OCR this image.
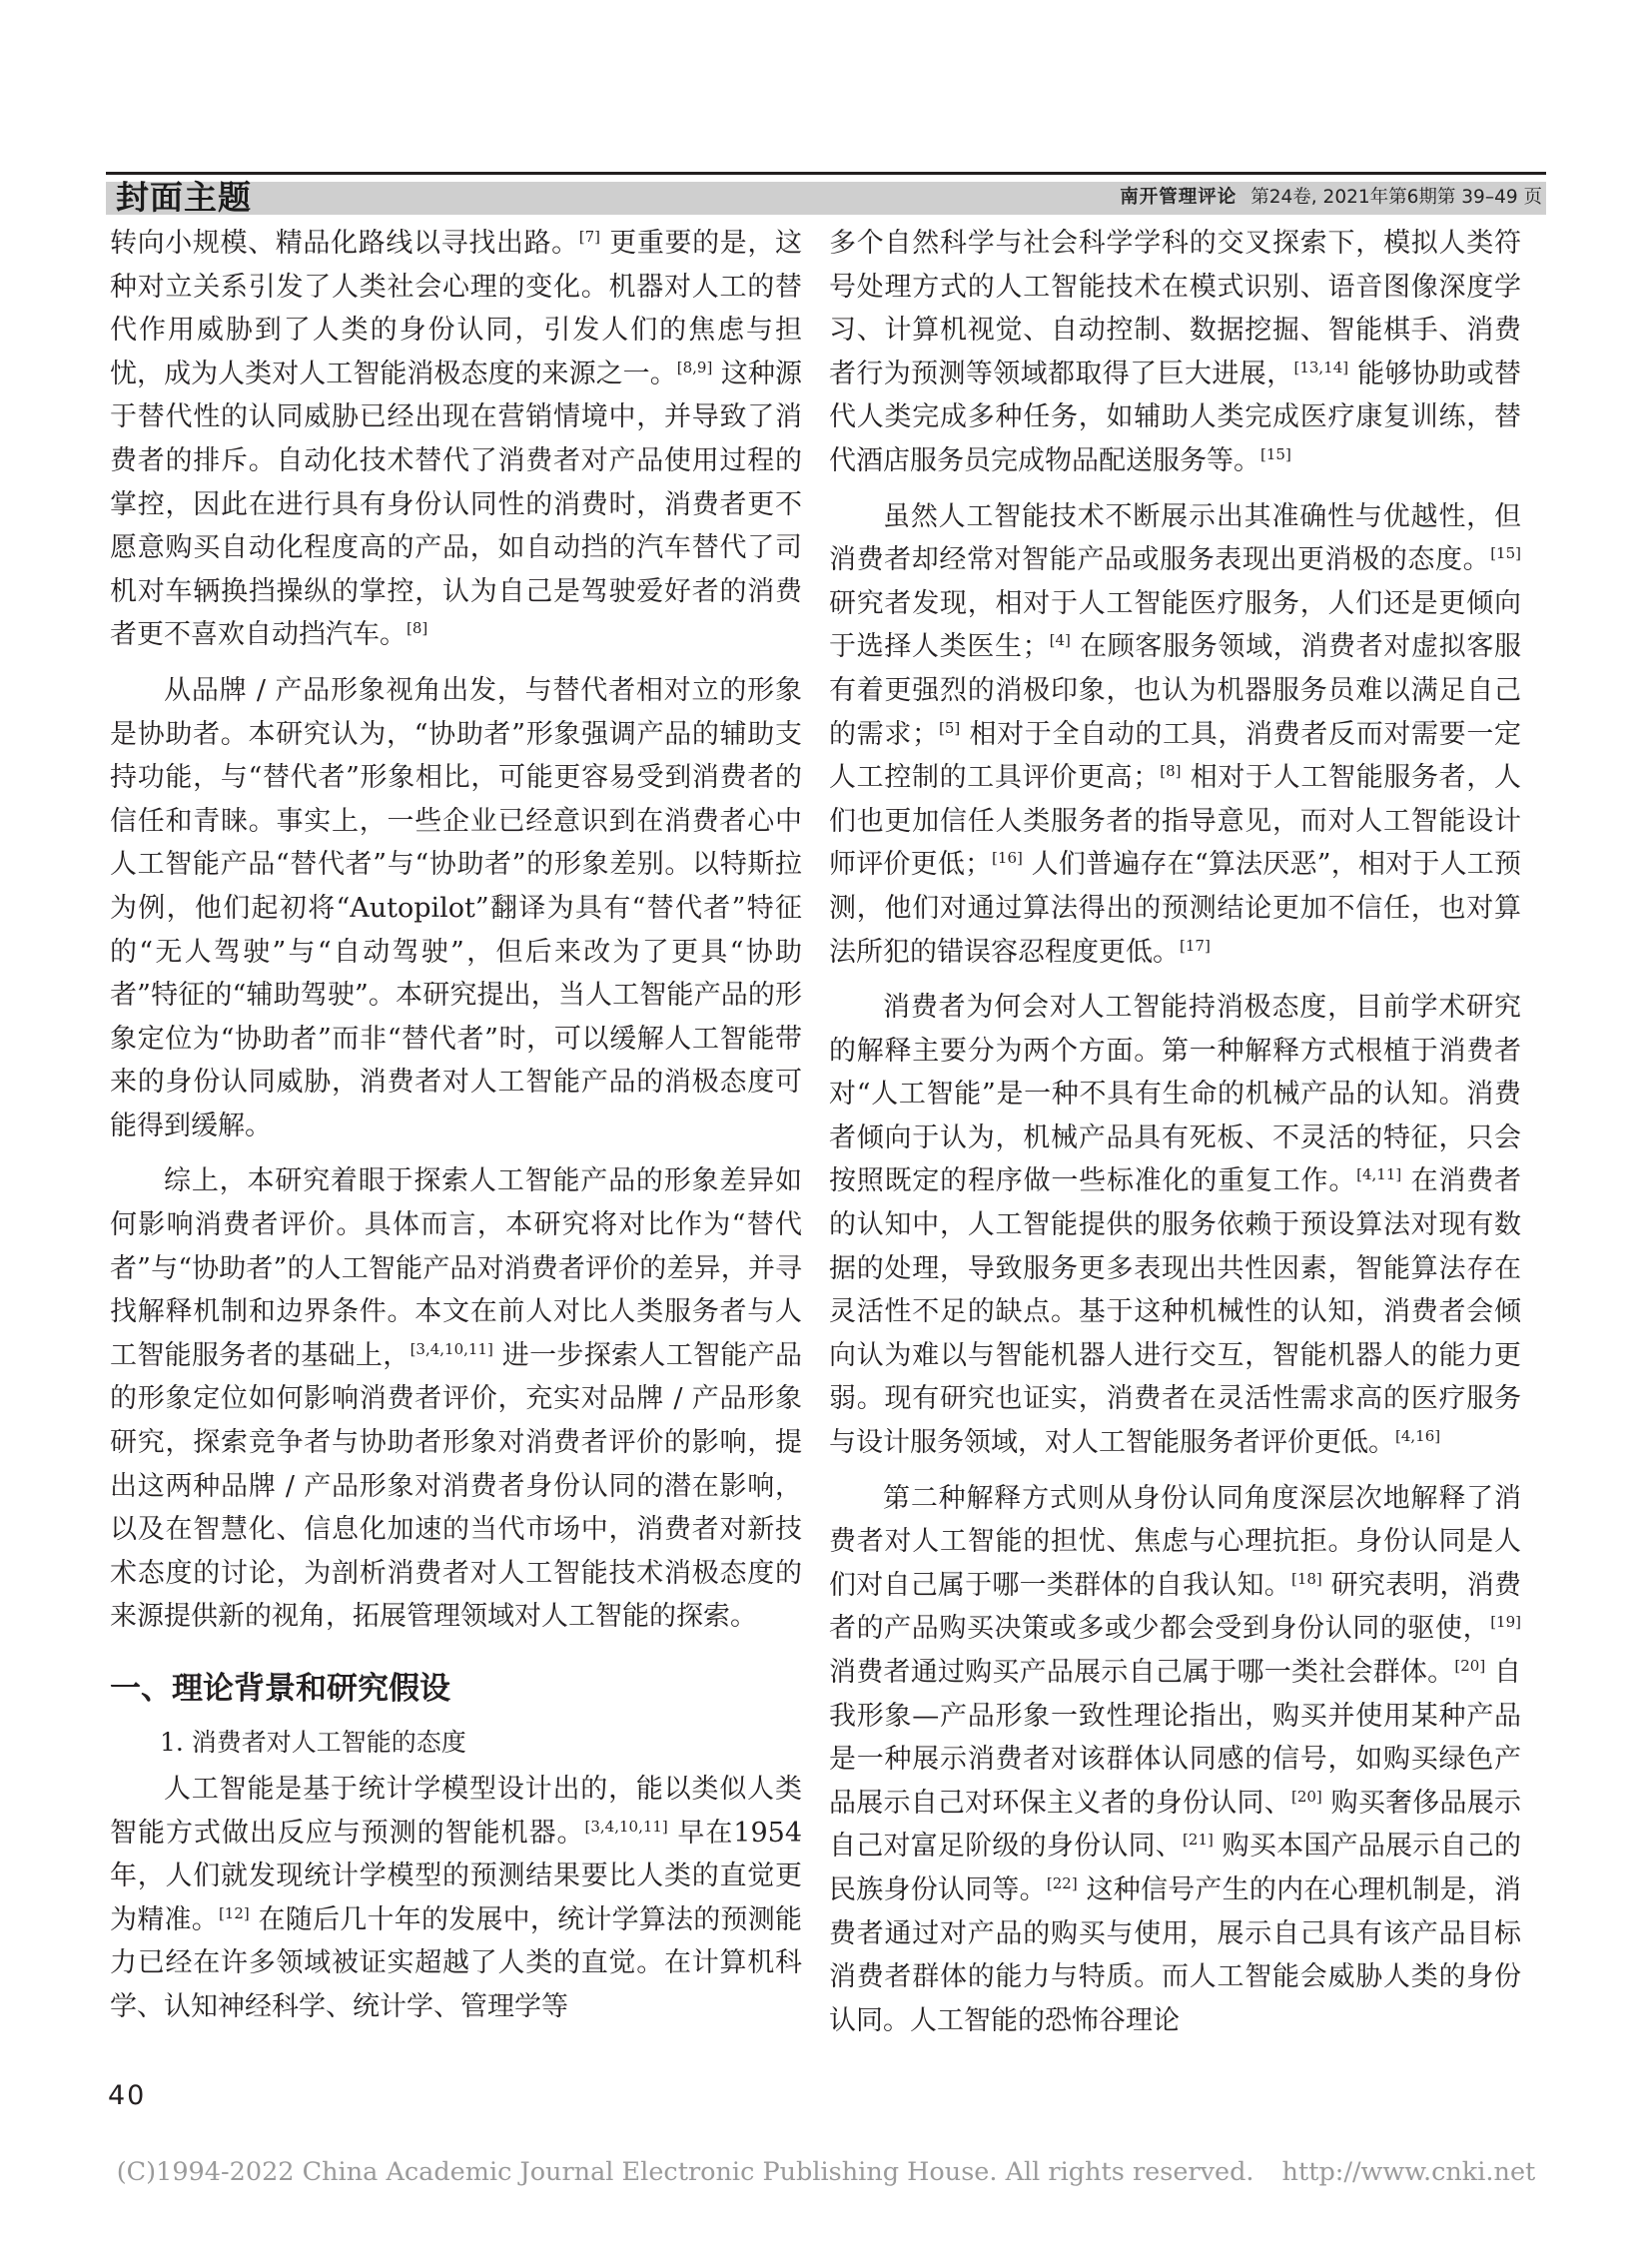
封面主题	南开管理评论 第24卷, 2021年第6期第 39–49 页

转向小规模、精品化路线以寻找出路。[7] 更重要的是，这种对立关系引发了人类社会心理的变化。机器对人工的替代作用威胁到了人类的身份认同，引发人们的焦虑与担忧，成为人类对人工智能消极态度的来源之一。[8,9] 这种源于替代性的认同威胁已经出现在营销情境中，并导致了消费者的排斥。自动化技术替代了消费者对产品使用过程的掌控，因此在进行具有身份认同性的消费时，消费者更不愿意购买自动化程度高的产品，如自动挡的汽车替代了司机对车辆换挡操纵的掌控，认为自己是驾驶爱好者的消费者更不喜欢自动挡汽车。[8]

从品牌 / 产品形象视角出发，与替代者相对立的形象是协助者。本研究认为，“协助者”形象强调产品的辅助支持功能，与“替代者”形象相比，可能更容易受到消费者的信任和青睐。事实上，一些企业已经意识到在消费者心中人工智能产品“替代者”与“协助者”的形象差别。以特斯拉为例，他们起初将“Autopilot”翻译为具有“替代者”特征的“无人驾驶”与“自动驾驶”，但后来改为了更具“协助者”特征的“辅助驾驶”。本研究提出，当人工智能产品的形象定位为“协助者”而非“替代者”时，可以缓解人工智能带来的身份认同威胁，消费者对人工智能产品的消极态度可能得到缓解。

综上，本研究着眼于探索人工智能产品的形象差异如何影响消费者评价。具体而言，本研究将对比作为“替代者”与“协助者”的人工智能产品对消费者评价的差异，并寻找解释机制和边界条件。本文在前人对比人类服务者与人工智能服务者的基础上，[3,4,10,11] 进一步探索人工智能产品的形象定位如何影响消费者评价，充实对品牌 / 产品形象研究，探索竞争者与协助者形象对消费者评价的影响，提出这两种品牌 / 产品形象对消费者身份认同的潜在影响，以及在智慧化、信息化加速的当代市场中，消费者对新技术态度的讨论，为剖析消费者对人工智能技术消极态度的来源提供新的视角，拓展管理领域对人工智能的探索。

一、理论背景和研究假设

1. 消费者对人工智能的态度

人工智能是基于统计学模型设计出的，能以类似人类智能方式做出反应与预测的智能机器。[3,4,10,11] 早在1954年，人们就发现统计学模型的预测结果要比人类的直觉更为精准。[12] 在随后几十年的发展中，统计学算法的预测能力已经在许多领域被证实超越了人类的直觉。在计算机科学、认知神经科学、统计学、管理学等

多个自然科学与社会科学学科的交叉探索下，模拟人类符号处理方式的人工智能技术在模式识别、语音图像深度学习、计算机视觉、自动控制、数据挖掘、智能棋手、消费者行为预测等领域都取得了巨大进展，[13,14] 能够协助或替代人类完成多种任务，如辅助人类完成医疗康复训练，替代酒店服务员完成物品配送服务等。[15]

虽然人工智能技术不断展示出其准确性与优越性，但消费者却经常对智能产品或服务表现出更消极的态度。[15] 研究者发现，相对于人工智能医疗服务，人们还是更倾向于选择人类医生；[4] 在顾客服务领域，消费者对虚拟客服有着更强烈的消极印象，也认为机器服务员难以满足自己的需求；[5] 相对于全自动的工具，消费者反而对需要一定人工控制的工具评价更高；[8] 相对于人工智能服务者，人们也更加信任人类服务者的指导意见，而对人工智能设计师评价更低；[16] 人们普遍存在“算法厌恶”，相对于人工预测，他们对通过算法得出的预测结论更加不信任，也对算法所犯的错误容忍程度更低。[17]

消费者为何会对人工智能持消极态度，目前学术研究的解释主要分为两个方面。第一种解释方式根植于消费者对“人工智能”是一种不具有生命的机械产品的认知。消费者倾向于认为，机械产品具有死板、不灵活的特征，只会按照既定的程序做一些标准化的重复工作。[4,11] 在消费者的认知中，人工智能提供的服务依赖于预设算法对现有数据的处理，导致服务更多表现出共性因素，智能算法存在灵活性不足的缺点。基于这种机械性的认知，消费者会倾向认为难以与智能机器人进行交互，智能机器人的能力更弱。现有研究也证实，消费者在灵活性需求高的医疗服务与设计服务领域，对人工智能服务者评价更低。[4,16]

第二种解释方式则从身份认同角度深层次地解释了消费者对人工智能的担忧、焦虑与心理抗拒。身份认同是人们对自己属于哪一类群体的自我认知。[18] 研究表明，消费者的产品购买决策或多或少都会受到身份认同的驱使，[19] 消费者通过购买产品展示自己属于哪一类社会群体。[20] 自我形象—产品形象一致性理论指出，购买并使用某种产品是一种展示消费者对该群体认同感的信号，如购买绿色产品展示自己对环保主义者的身份认同、[20] 购买奢侈品展示自己对富足阶级的身份认同、[21] 购买本国产品展示自己的民族身份认同等。[22] 这种信号产生的内在心理机制是，消费者通过对产品的购买与使用，展示自己具有该产品目标消费者群体的能力与特质。而人工智能会威胁人类的身份认同。人工智能的恐怖谷理论

40
(C)1994-2022 China Academic Journal Electronic Publishing House. All rights reserved. http://www.cnki.net
